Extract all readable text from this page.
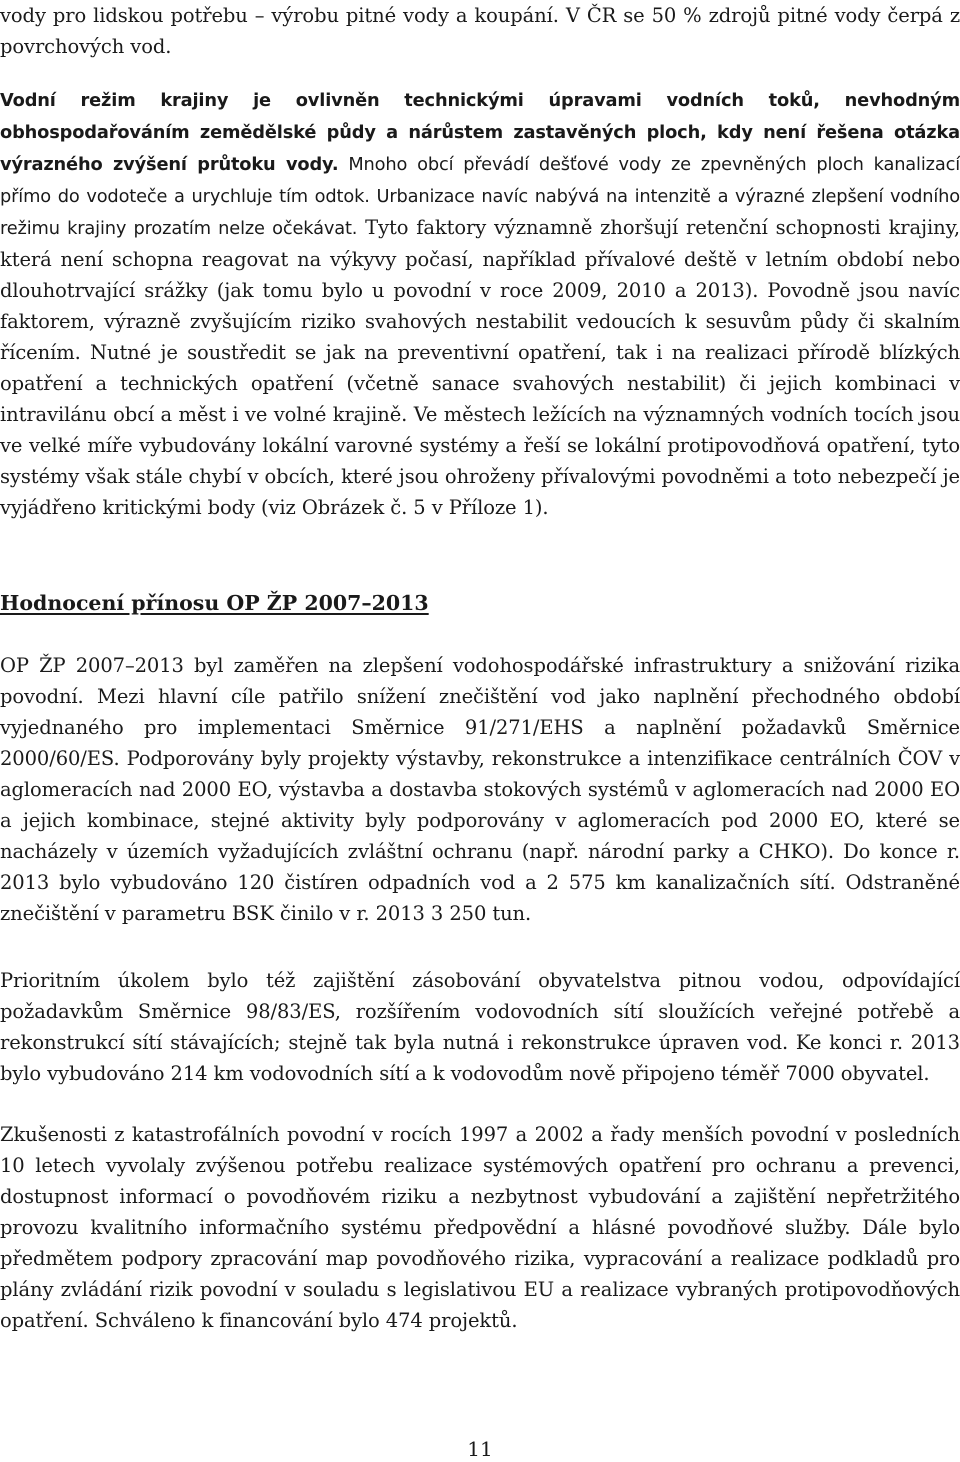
vody pro lidskou potřebu – výrobu pitné vody a koupání. V ČR se 50 % zdrojů pitné vody čerpá z povrchových vod.

Vodní režim krajiny je ovlivněn technickými úpravami vodních toků, nevhodným obhospodařováním zemědělské půdy a nárůstem zastavěných ploch, kdy není řešena otázka výrazného zvýšení průtoku vody. Mnoho obcí převádí dešťové vody ze zpevněných ploch kanalizací přímo do vodoteče a urychluje tím odtok. Urbanizace navíc nabývá na intenzitě a výrazné zlepšení vodního režimu krajiny prozatím nelze očekávat. Tyto faktory významně zhoršují retenční schopnosti krajiny, která není schopna reagovat na výkyvy počasí, například přívalové deště v letním období nebo dlouhotrvající srážky (jak tomu bylo u povodní v roce 2009, 2010 a 2013). Povodně jsou navíc faktorem, výrazně zvyšujícím riziko svahových nestabilit vedoucích k sesuvům půdy či skalním řícením. Nutné je soustředit se jak na preventivní opatření, tak i na realizaci přírodě blízkých opatření a technických opatření (včetně sanace svahových nestabilit) či jejich kombinaci v intravilánu obcí a měst i ve volné krajině. Ve městech ležících na významných vodních tocích jsou ve velké míře vybudovány lokální varovné systémy a řeší se lokální protipovodňová opatření, tyto systémy však stále chybí v obcích, které jsou ohroženy přívalovými povodněmi a toto nebezpečí je vyjádřeno kritickými body (viz Obrázek č. 5 v Příloze 1).

Hodnocení přínosu OP ŽP 2007–2013

OP ŽP 2007–2013 byl zaměřen na zlepšení vodohospodářské infrastruktury a snižování rizika povodní. Mezi hlavní cíle patřilo snížení znečištění vod jako naplnění přechodného období vyjednaného pro implementaci Směrnice 91/271/EHS a naplnění požadavků Směrnice 2000/60/ES. Podporovány byly projekty výstavby, rekonstrukce a intenzifikace centrálních ČOV v aglomeracích nad 2000 EO, výstavba a dostavba stokových systémů v aglomeracích nad 2000 EO a jejich kombinace, stejné aktivity byly podporovány v aglomeracích pod 2000 EO, které se nacházely v územích vyžadujících zvláštní ochranu (např. národní parky a CHKO). Do konce r. 2013 bylo vybudováno 120 čistíren odpadních vod a 2 575 km kanalizačních sítí. Odstraněné znečištění v parametru BSK činilo v r. 2013 3 250 tun.

Prioritním úkolem bylo též zajištění zásobování obyvatelstva pitnou vodou, odpovídající požadavkům Směrnice 98/83/ES, rozšířením vodovodních sítí sloužících veřejné potřebě a rekonstrukcí sítí stávajících; stejně tak byla nutná i rekonstrukce úpraven vod. Ke konci r. 2013 bylo vybudováno 214 km vodovodních sítí a k vodovodům nově připojeno téměř 7000 obyvatel.

Zkušenosti z katastrofálních povodní v rocích 1997 a 2002 a řady menších povodní v posledních 10 letech vyvolaly zvýšenou potřebu realizace systémových opatření pro ochranu a prevenci, dostupnost informací o povodňovém riziku a nezbytnost vybudování a zajištění nepřetržitého provozu kvalitního informačního systému předpovědní a hlásné povodňové služby. Dále bylo předmětem podpory zpracování map povodňového rizika, vypracování a realizace podkladů pro plány zvládání rizik povodní v souladu s legislativou EU a realizace vybraných protipovodňových opatření. Schváleno k financování bylo 474 projektů.

11
